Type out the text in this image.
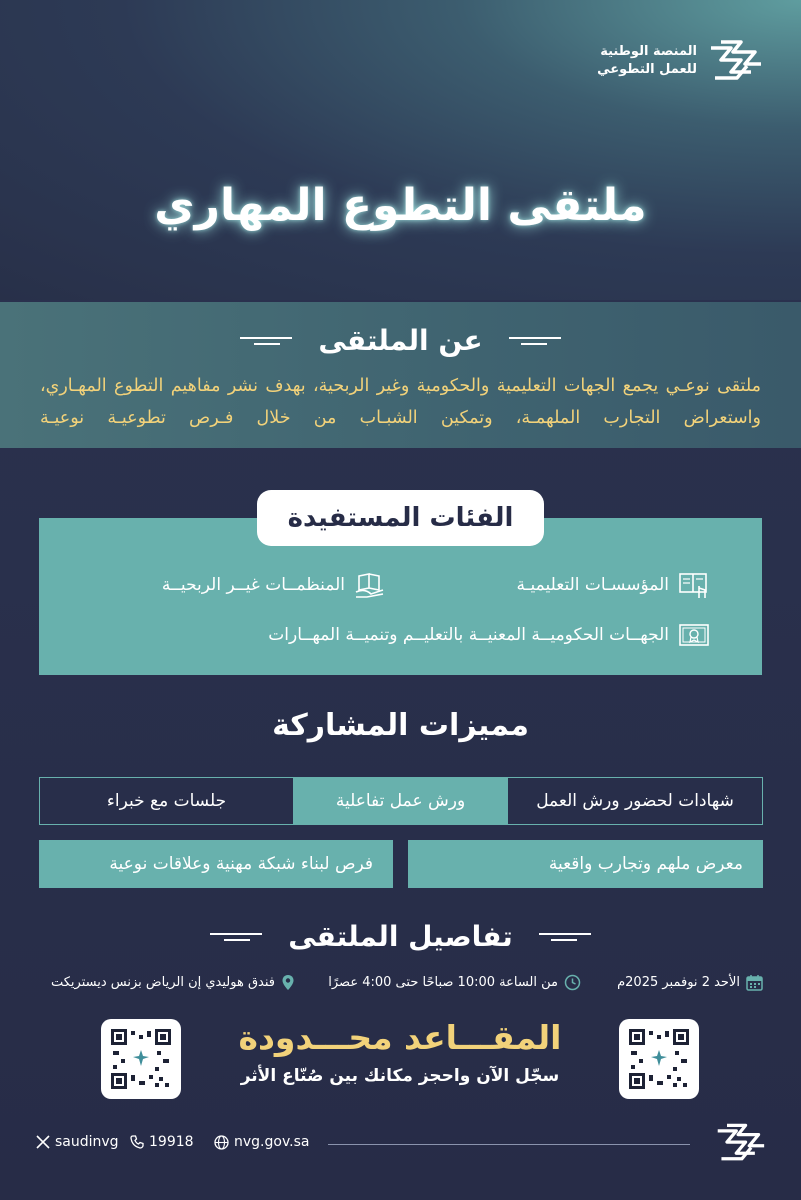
المنصة الوطنية
للعمل التطوعي
ملتقى التطوع المهاري
عن الملتقى
ملتقى نوعـي يجمع الجهات التعليمية والحكومية وغير الربحية، بهدف نشر مفاهيم التطوع المهـاري، واستعراض التجارب الملهمـة، وتمكين الشبـاب من خلال فـرص تطوعيـة نوعيـة
الفئات المستفيدة
المؤسسـات التعليميـة
المنظمــات غيــر الربحيــة
الجهــات الحكوميــة المعنيــة بالتعليــم وتنميــة المهــارات
مميزات المشاركة
شهادات لحضور ورش العمل
ورش عمل تفاعلية
جلسات مع خبراء
معرض ملهم وتجارب واقعية
فرص لبناء شبكة مهنية وعلاقات نوعية
تفاصيل الملتقى
الأحد 2 نوفمبر 2025م
من الساعة 10:00 صباحًا حتى 4:00 عصرًا
فندق هوليدي إن الرياض بزنس ديستريكت
المقـــاعد محـــدودة
سجّل الآن واحجز مكانك بين صُنّاع الأثر
saudinvg 19918	nvg.gov.sa
